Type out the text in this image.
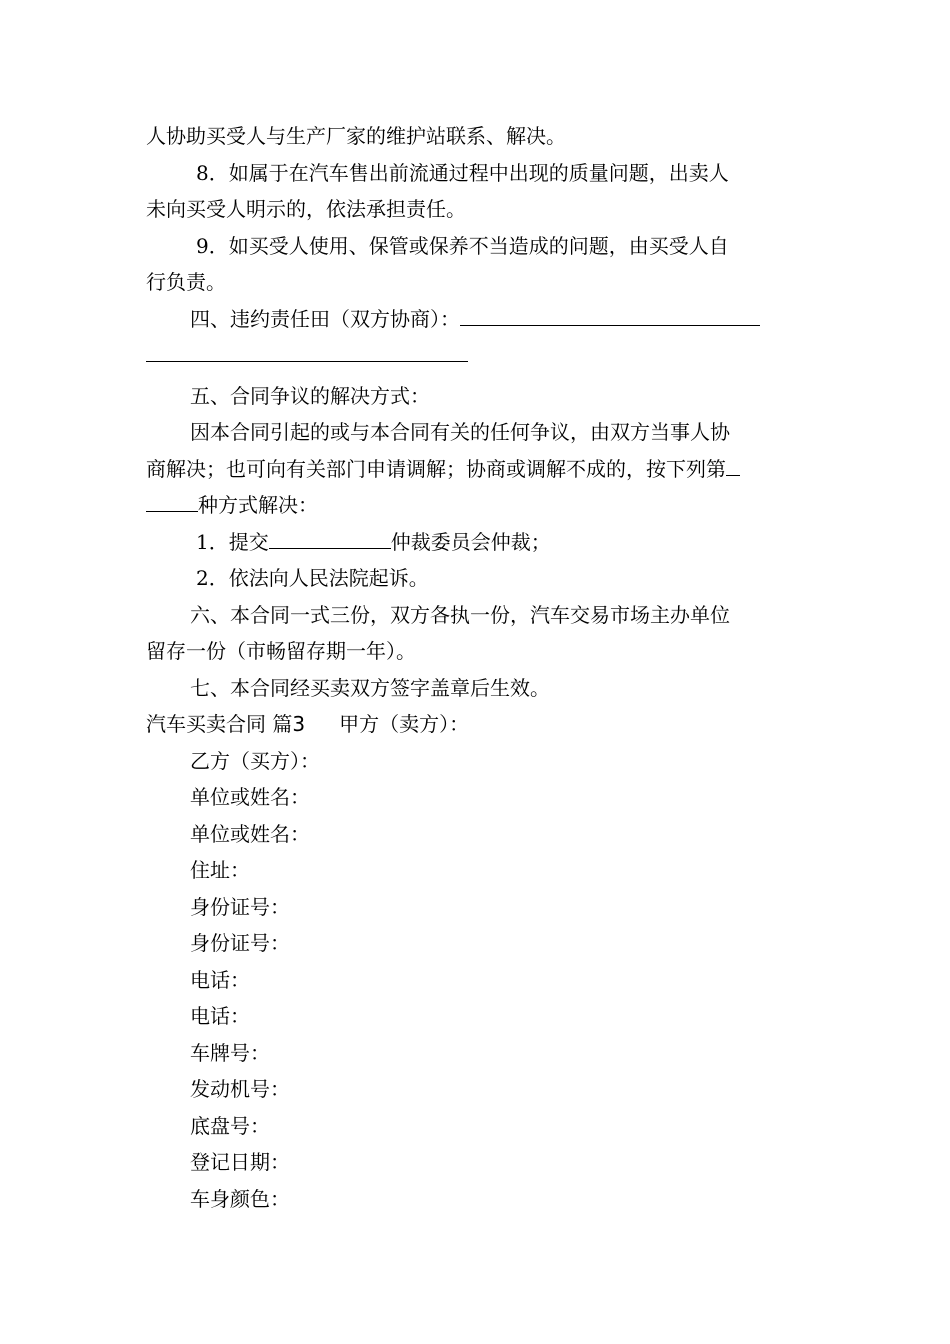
人协助买受人与生产厂家的维护站联系、解决。
8．如属于在汽车售出前流通过程中出现的质量问题，出卖人
未向买受人明示的，依法承担责任。
9．如买受人使用、保管或保养不当造成的问题，由买受人自
行负责。
四、违约责任田（双方协商）：
五、合同争议的解决方式：
因本合同引起的或与本合同有关的任何争议，由双方当事人协
商解决；也可向有关部门申请调解；协商或调解不成的，按下列第
种方式解决：
1．提交	仲裁委员会仲裁；
2．依法向人民法院起诉。
六、本合同一式三份，双方各执一份，汽车交易市场主办单位
留存一份（市畅留存期一年）。
七、本合同经买卖双方签字盖章后生效。
汽车买卖合同 篇3 甲方（卖方）：
乙方（买方）：
单位或姓名：
单位或姓名：
住址：
身份证号：
身份证号：
电话：
电话：
车牌号：
发动机号：
底盘号：
登记日期：
车身颜色：
